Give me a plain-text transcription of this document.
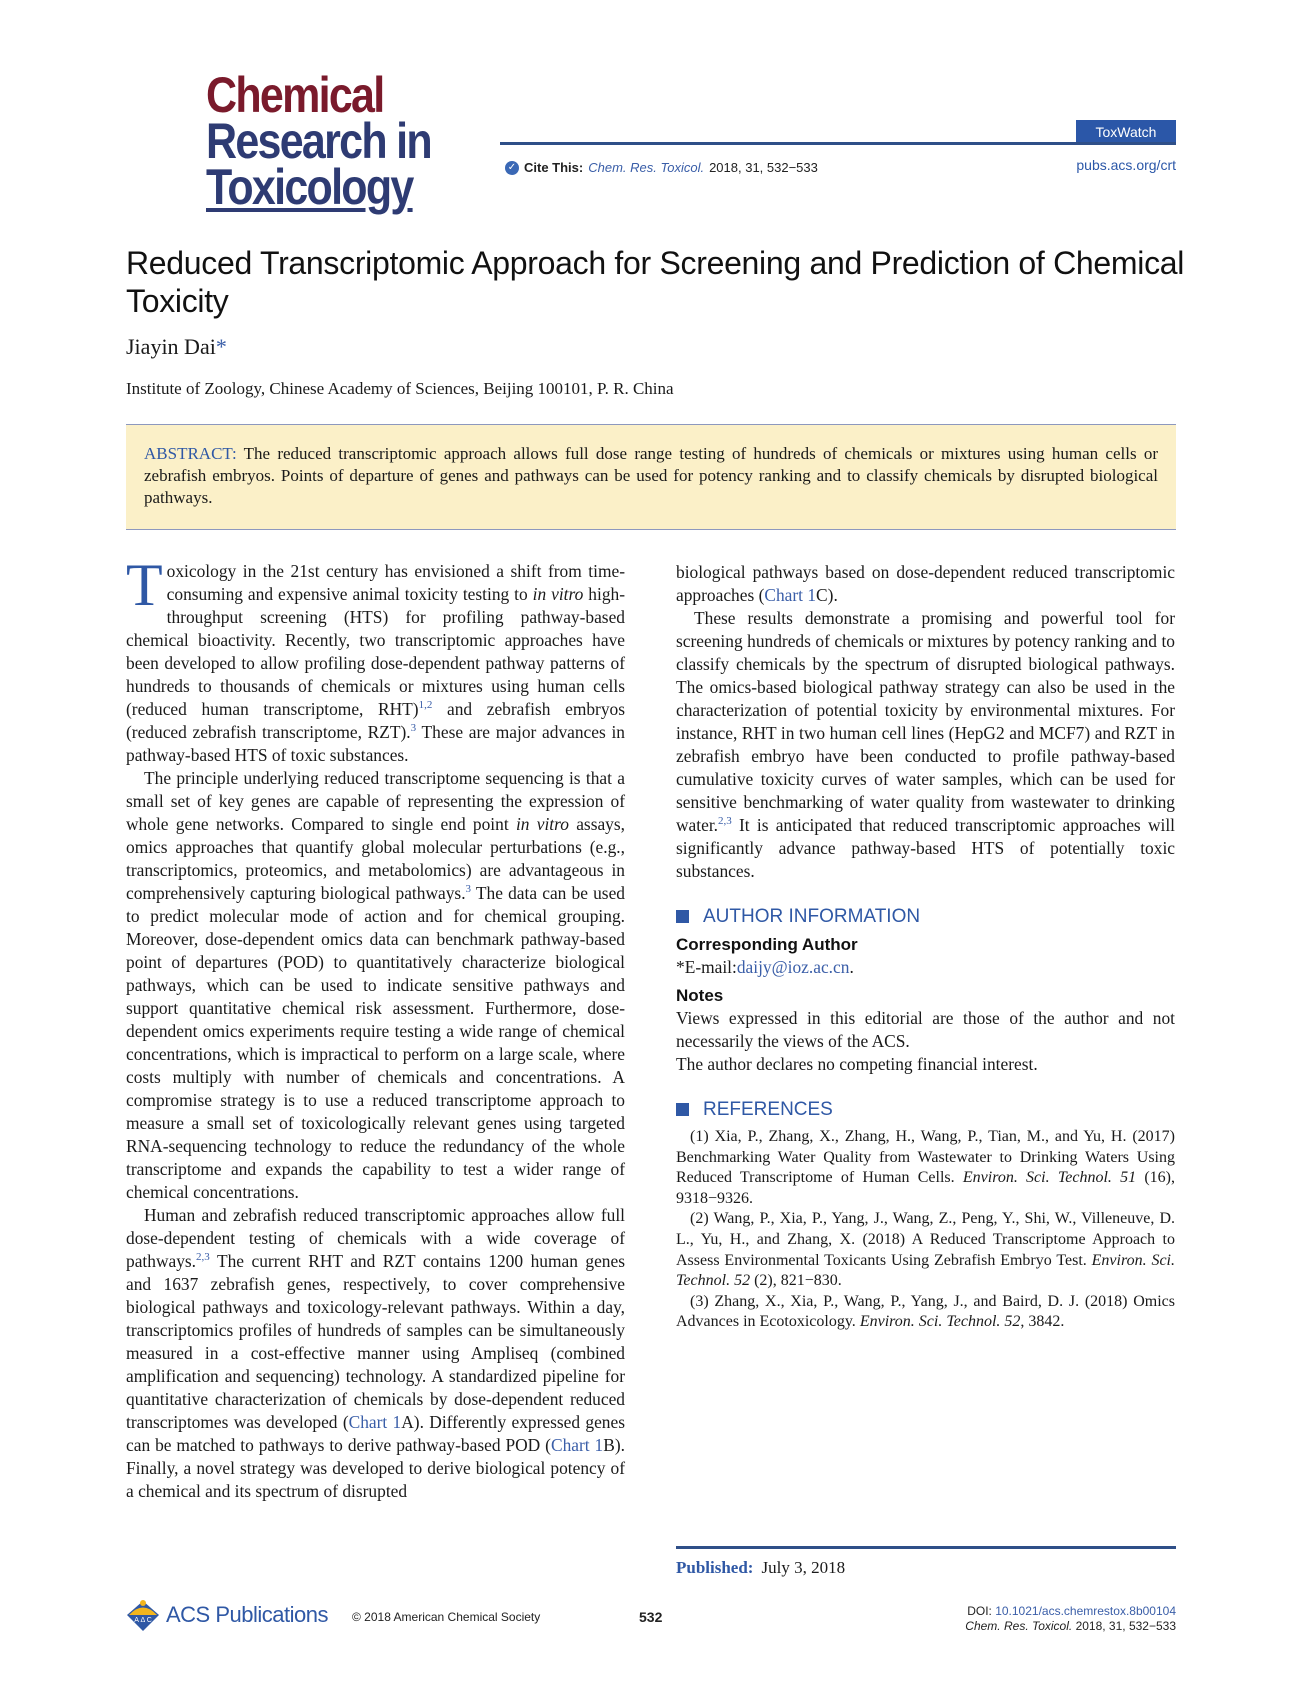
Chemical
Research in
Toxicology
ToxWatch
✓ Cite This: Chem. Res. Toxicol. 2018, 31, 532−533	pubs.acs.org/crt
Reduced Transcriptomic Approach for Screening and Prediction of Chemical Toxicity
Jiayin Dai*
Institute of Zoology, Chinese Academy of Sciences, Beijing 100101, P. R. China

ABSTRACT: The reduced transcriptomic approach allows full dose range testing of hundreds of chemicals or mixtures using human cells or zebrafish embryos. Points of departure of genes and pathways can be used for potency ranking and to classify chemicals by disrupted biological pathways.

Toxicology in the 21st century has envisioned a shift from time-consuming and expensive animal toxicity testing to in vitro high-throughput screening (HTS) for profiling pathway-based chemical bioactivity. Recently, two transcriptomic approaches have been developed to allow profiling dose-dependent pathway patterns of hundreds to thousands of chemicals or mixtures using human cells (reduced human transcriptome, RHT)$^{1,2}$ and zebrafish embryos (reduced zebrafish transcriptome, RZT).$^3$ These are major advances in pathway-based HTS of toxic substances.

The principle underlying reduced transcriptome sequencing is that a small set of key genes are capable of representing the expression of whole gene networks. Compared to single end point in vitro assays, omics approaches that quantify global molecular perturbations (e.g., transcriptomics, proteomics, and metabolomics) are advantageous in comprehensively capturing biological pathways.$^3$ The data can be used to predict molecular mode of action and for chemical grouping. Moreover, dose-dependent omics data can benchmark pathway-based point of departures (POD) to quantitatively characterize biological pathways, which can be used to indicate sensitive pathways and support quantitative chemical risk assessment. Furthermore, dose-dependent omics experiments require testing a wide range of chemical concentrations, which is impractical to perform on a large scale, where costs multiply with number of chemicals and concentrations. A compromise strategy is to use a reduced transcriptome approach to measure a small set of toxicologically relevant genes using targeted RNA-sequencing technology to reduce the redundancy of the whole transcriptome and expands the capability to test a wider range of chemical concentrations.

Human and zebrafish reduced transcriptomic approaches allow full dose-dependent testing of chemicals with a wide coverage of pathways.$^{2,3}$ The current RHT and RZT contains 1200 human genes and 1637 zebrafish genes, respectively, to cover comprehensive biological pathways and toxicology-relevant pathways. Within a day, transcriptomics profiles of hundreds of samples can be simultaneously measured in a cost-effective manner using Ampliseq (combined amplification and sequencing) technology. A standardized pipeline for quantitative characterization of chemicals by dose-dependent reduced transcriptomes was developed (Chart 1A). Differently expressed genes can be matched to pathways to derive pathway-based POD (Chart 1B). Finally, a novel strategy was developed to derive biological potency of a chemical and its spectrum of disrupted

biological pathways based on dose-dependent reduced transcriptomic approaches (Chart 1C).

These results demonstrate a promising and powerful tool for screening hundreds of chemicals or mixtures by potency ranking and to classify chemicals by the spectrum of disrupted biological pathways. The omics-based biological pathway strategy can also be used in the characterization of potential toxicity by environmental mixtures. For instance, RHT in two human cell lines (HepG2 and MCF7) and RZT in zebrafish embryo have been conducted to profile pathway-based cumulative toxicity curves of water samples, which can be used for sensitive benchmarking of water quality from wastewater to drinking water.$^{2,3}$ It is anticipated that reduced transcriptomic approaches will significantly advance pathway-based HTS of potentially toxic substances.

AUTHOR INFORMATION

Corresponding Author

*E-mail:daijy@ioz.ac.cn.

Notes

Views expressed in this editorial are those of the author and not necessarily the views of the ACS.

The author declares no competing financial interest.

REFERENCES

(1) Xia, P., Zhang, X., Zhang, H., Wang, P., Tian, M., and Yu, H. (2017) Benchmarking Water Quality from Wastewater to Drinking Waters Using Reduced Transcriptome of Human Cells. Environ. Sci. Technol. 51 (16), 9318−9326.

(2) Wang, P., Xia, P., Yang, J., Wang, Z., Peng, Y., Shi, W., Villeneuve, D. L., Yu, H., and Zhang, X. (2018) A Reduced Transcriptome Approach to Assess Environmental Toxicants Using Zebrafish Embryo Test. Environ. Sci. Technol. 52 (2), 821−830.

(3) Zhang, X., Xia, P., Wang, P., Yang, J., and Baird, D. J. (2018) Omics Advances in Ecotoxicology. Environ. Sci. Technol. 52, 3842.

Published: July 3, 2018
A Δ C ACS Publications © 2018 American Chemical Society	532	DOI: 10.1021/acs.chemrestox.8b00104
Chem. Res. Toxicol. 2018, 31, 532−533
